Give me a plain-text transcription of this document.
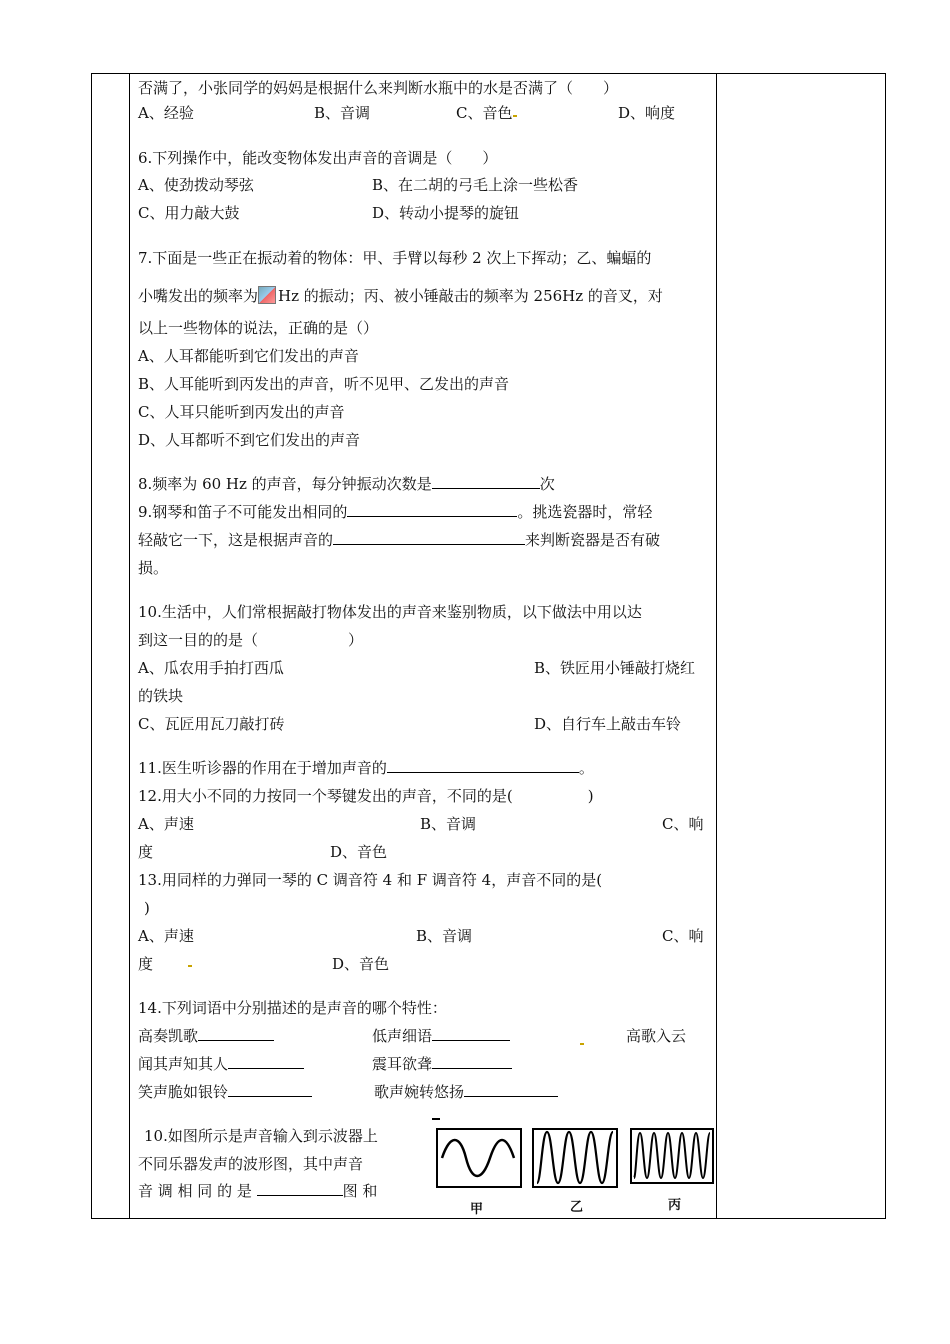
否满了，小张同学的妈妈是根据什么来判断水瓶中的水是否满了（　　）
A、经验	B、音调	C、音色	D、响度
6.下列操作中，能改变物体发出声音的音调是（　　）
A、使劲拨动琴弦	B、在二胡的弓毛上涂一些松香
C、用力敲大鼓	D、转动小提琴的旋钮
7.下面是一些正在振动着的物体：甲、手臂以每秒 2 次上下挥动；乙、蝙蝠的
小嘴发出的频率为 Hz 的振动；丙、被小锤敲击的频率为 256Hz 的音叉，对
以上一些物体的说法，正确的是（）
A、人耳都能听到它们发出的声音
B、人耳能听到丙发出的声音，听不见甲、乙发出的声音
C、人耳只能听到丙发出的声音
D、人耳都听不到它们发出的声音
8.频率为 60 Hz 的声音，每分钟振动次数是	次
9.钢琴和笛子不可能发出相同的	。挑选瓷器时，常轻
轻敲它一下，这是根据声音的	来判断瓷器是否有破
损。
10.生活中，人们常根据敲打物体发出的声音来鉴别物质，以下做法中用以达
到这一目的的是（　　　　　　）
A、瓜农用手拍打西瓜	B、铁匠用小锤敲打烧红
的铁块
C、瓦匠用瓦刀敲打砖	D、自行车上敲击车铃
11.医生听诊器的作用在于增加声音的	。
12.用大小不同的力按同一个琴键发出的声音，不同的是(　　　　　)
A、声速	B、音调	C、响
度	D、音色
13.用同样的力弹同一琴的 C 调音符 4 和 F 调音符 4，声音不同的是(
)
A、声速	B、音调	C、响
度	D、音色
14.下列词语中分别描述的是声音的哪个特性：
高奏凯歌	低声细语	高歌入云
闻其声知其人	震耳欲聋
笑声脆如银铃	歌声婉转悠扬
10.如图所示是声音输入到示波器上
不同乐器发声的波形图，其中声音
音 调 相 同 的 是	图 和
甲	乙	丙
